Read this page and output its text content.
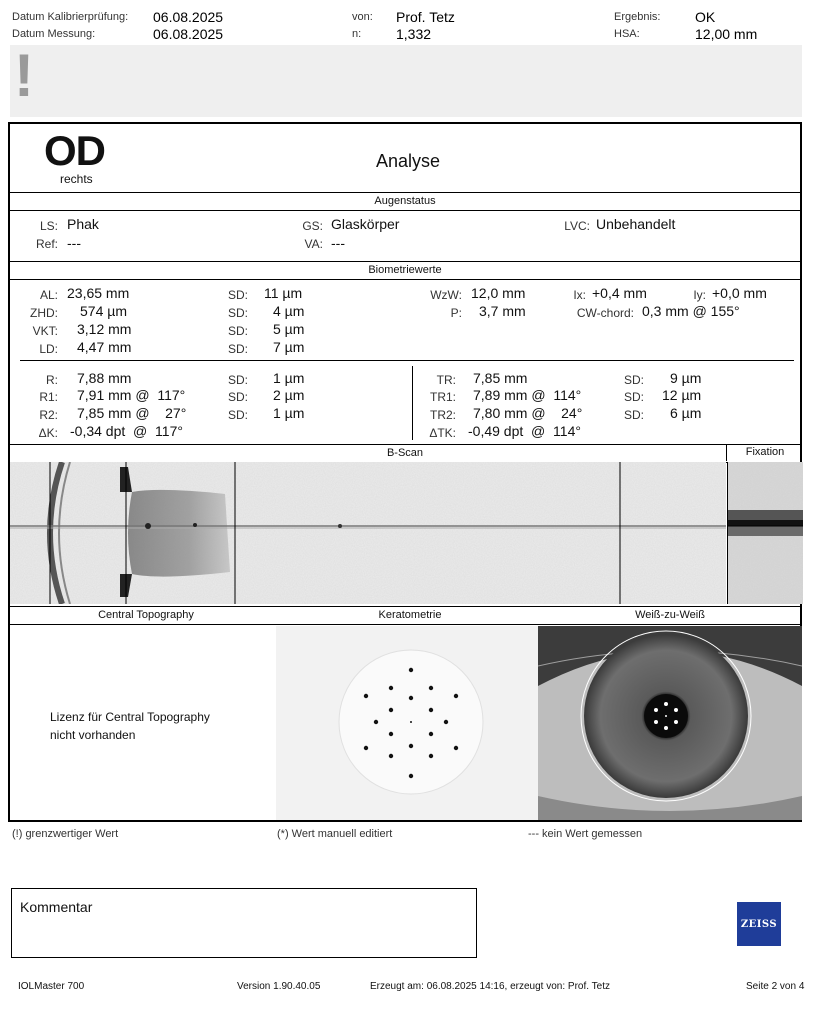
Datum Kalibrierprüfung: 06.08.2025
Datum Messung:	06.08.2025
von: Prof. Tetz
n: 1,332
Ergebnis: OK
HSA:	12,00 mm
!
OD
rechts
Analyse
Augenstatus
LS: Phak
Ref: ---
GS: Glaskörper
VA: ---
LVC: Unbehandelt
Biometriewerte
AL: 23,65 mm	SD: 11 µm
ZHD: 574 µm	SD: 4 µm
VKT: 3,12 mm	SD: 5 µm
LD: 4,47 mm	SD: 7 µm
WzW: 12,0 mm
P: 3,7 mm
Ix: +0,4 mm	Iy: +0,0 mm
CW-chord: 0,3 mm @ 155°
R: 7,88 mm	SD: 1 µm
R1: 7,91 mm @  117°	SD: 2 µm
R2: 7,85 mm @    27°	SD: 1 µm
ΔK: -0,34 dpt  @  117°
TR: 7,85 mm	SD: 9 µm
TR1: 7,89 mm @  114°	SD: 12 µm
TR2: 7,80 mm @    24°	SD: 6 µm
ΔTK: -0,49 dpt  @  114°
B-Scan	Fixation
Central Topography	Keratometrie	Weiß-zu-Weiß
Lizenz für Central Topography
nicht vorhanden
(!) grenzwertiger Wert	(*) Wert manuell editiert	--- kein Wert gemessen
Kommentar
ZEISS
IOLMaster 700	Version 1.90.40.05	Erzeugt am: 06.08.2025 14:16, erzeugt von: Prof. Tetz	Seite 2 von 4
